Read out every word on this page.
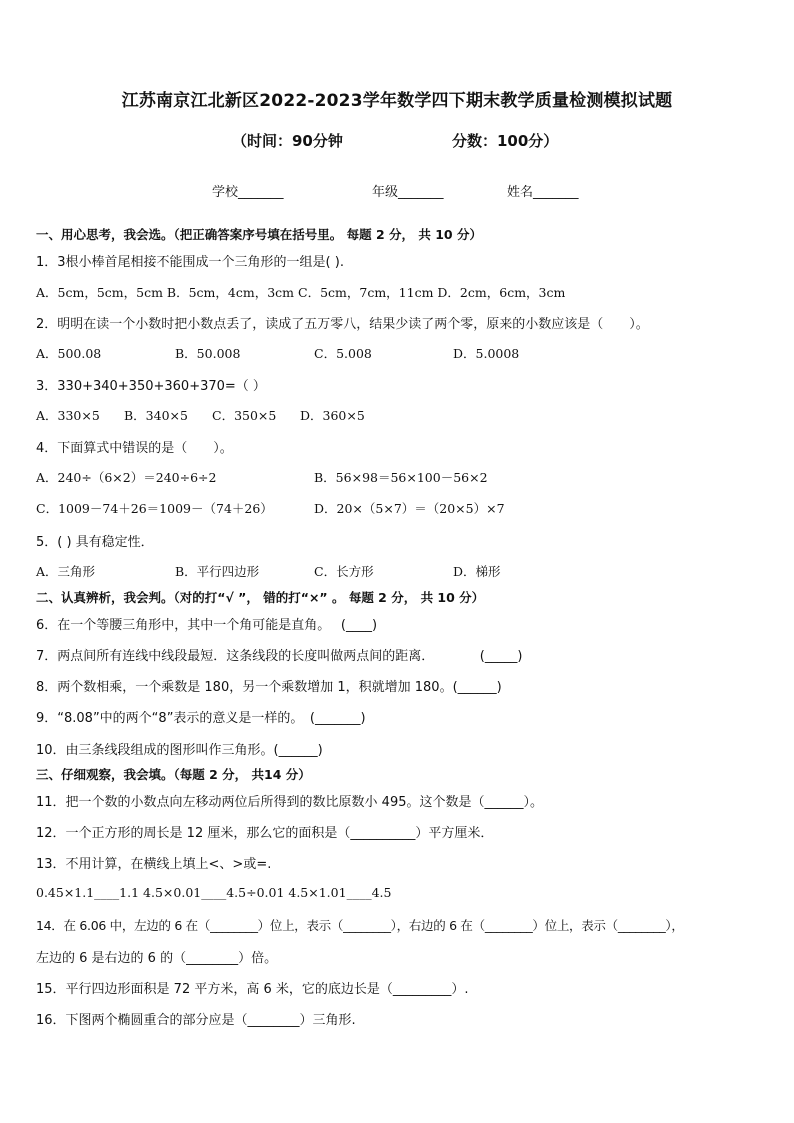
江苏南京江北新区2022-2023学年数学四下期末教学质量检测模拟试题
（时间：90分钟	分数：100分）
学校_______	年级_______	姓名_______
一、用心思考，我会选。（把正确答案序号填在括号里。 每题 2 分， 共 10 分）
1．3根小棒首尾相接不能围成一个三角形的一组是( ).
A．5cm，5cm，5cm B．5cm，4cm，3cm C．5cm，7cm，11cm D．2cm，6cm，3cm
2．明明在读一个小数时把小数点丢了，读成了五万零八，结果少读了两个零，原来的小数应该是（　　）。
A．500.08	B．50.008	C．5.008	D．5.0008
3．330+340+350+360+370=（ ）
A．330×5 B．340×5 C．350×5 D．360×5
4．下面算式中错误的是（　　）。
A．240÷（6×2）＝240÷6÷2	B．56×98＝56×100－56×2
C．1009－74＋26＝1009－（74＋26）	D．20×（5×7）＝（20×5）×7
5．( ) 具有稳定性．
A．三角形	B．平行四边形	C．长方形	D．梯形
二、认真辨析，我会判。（对的打“√ ”， 错的打“×” 。 每题 2 分， 共 10 分）
6．在一个等腰三角形中，其中一个角可能是直角。　 (____)
7．两点间所有连线中线段最短．这条线段的长度叫做两点间的距离．　　　　(_____)
8．两个数相乘，一个乘数是 180，另一个乘数增加 1，积就增加 180。(______)
9．“8.08”中的两个“8”表示的意义是一样的。　(_______)
10．由三条线段组成的图形叫作三角形。(______)
三、仔细观察，我会填。（每题 2 分， 共14 分）
11．把一个数的小数点向左移动两位后所得到的数比原数小 495。这个数是（______）。
12．一个正方形的周长是 12 厘米，那么它的面积是（__________）平方厘米．
13．不用计算，在横线上填上<、>或=.
0.45×1.1____1.1 4.5×0.01____4.5÷0.01 4.5×1.01____4.5
14．在 6.06 中，左边的 6 在（________）位上，表示（________），右边的 6 在（________）位上，表示（________），
左边的 6 是右边的 6 的（________）倍。
15．平行四边形面积是 72 平方米，高 6 米，它的底边长是（_________）.
16．下图两个椭圆重合的部分应是（________）三角形.
